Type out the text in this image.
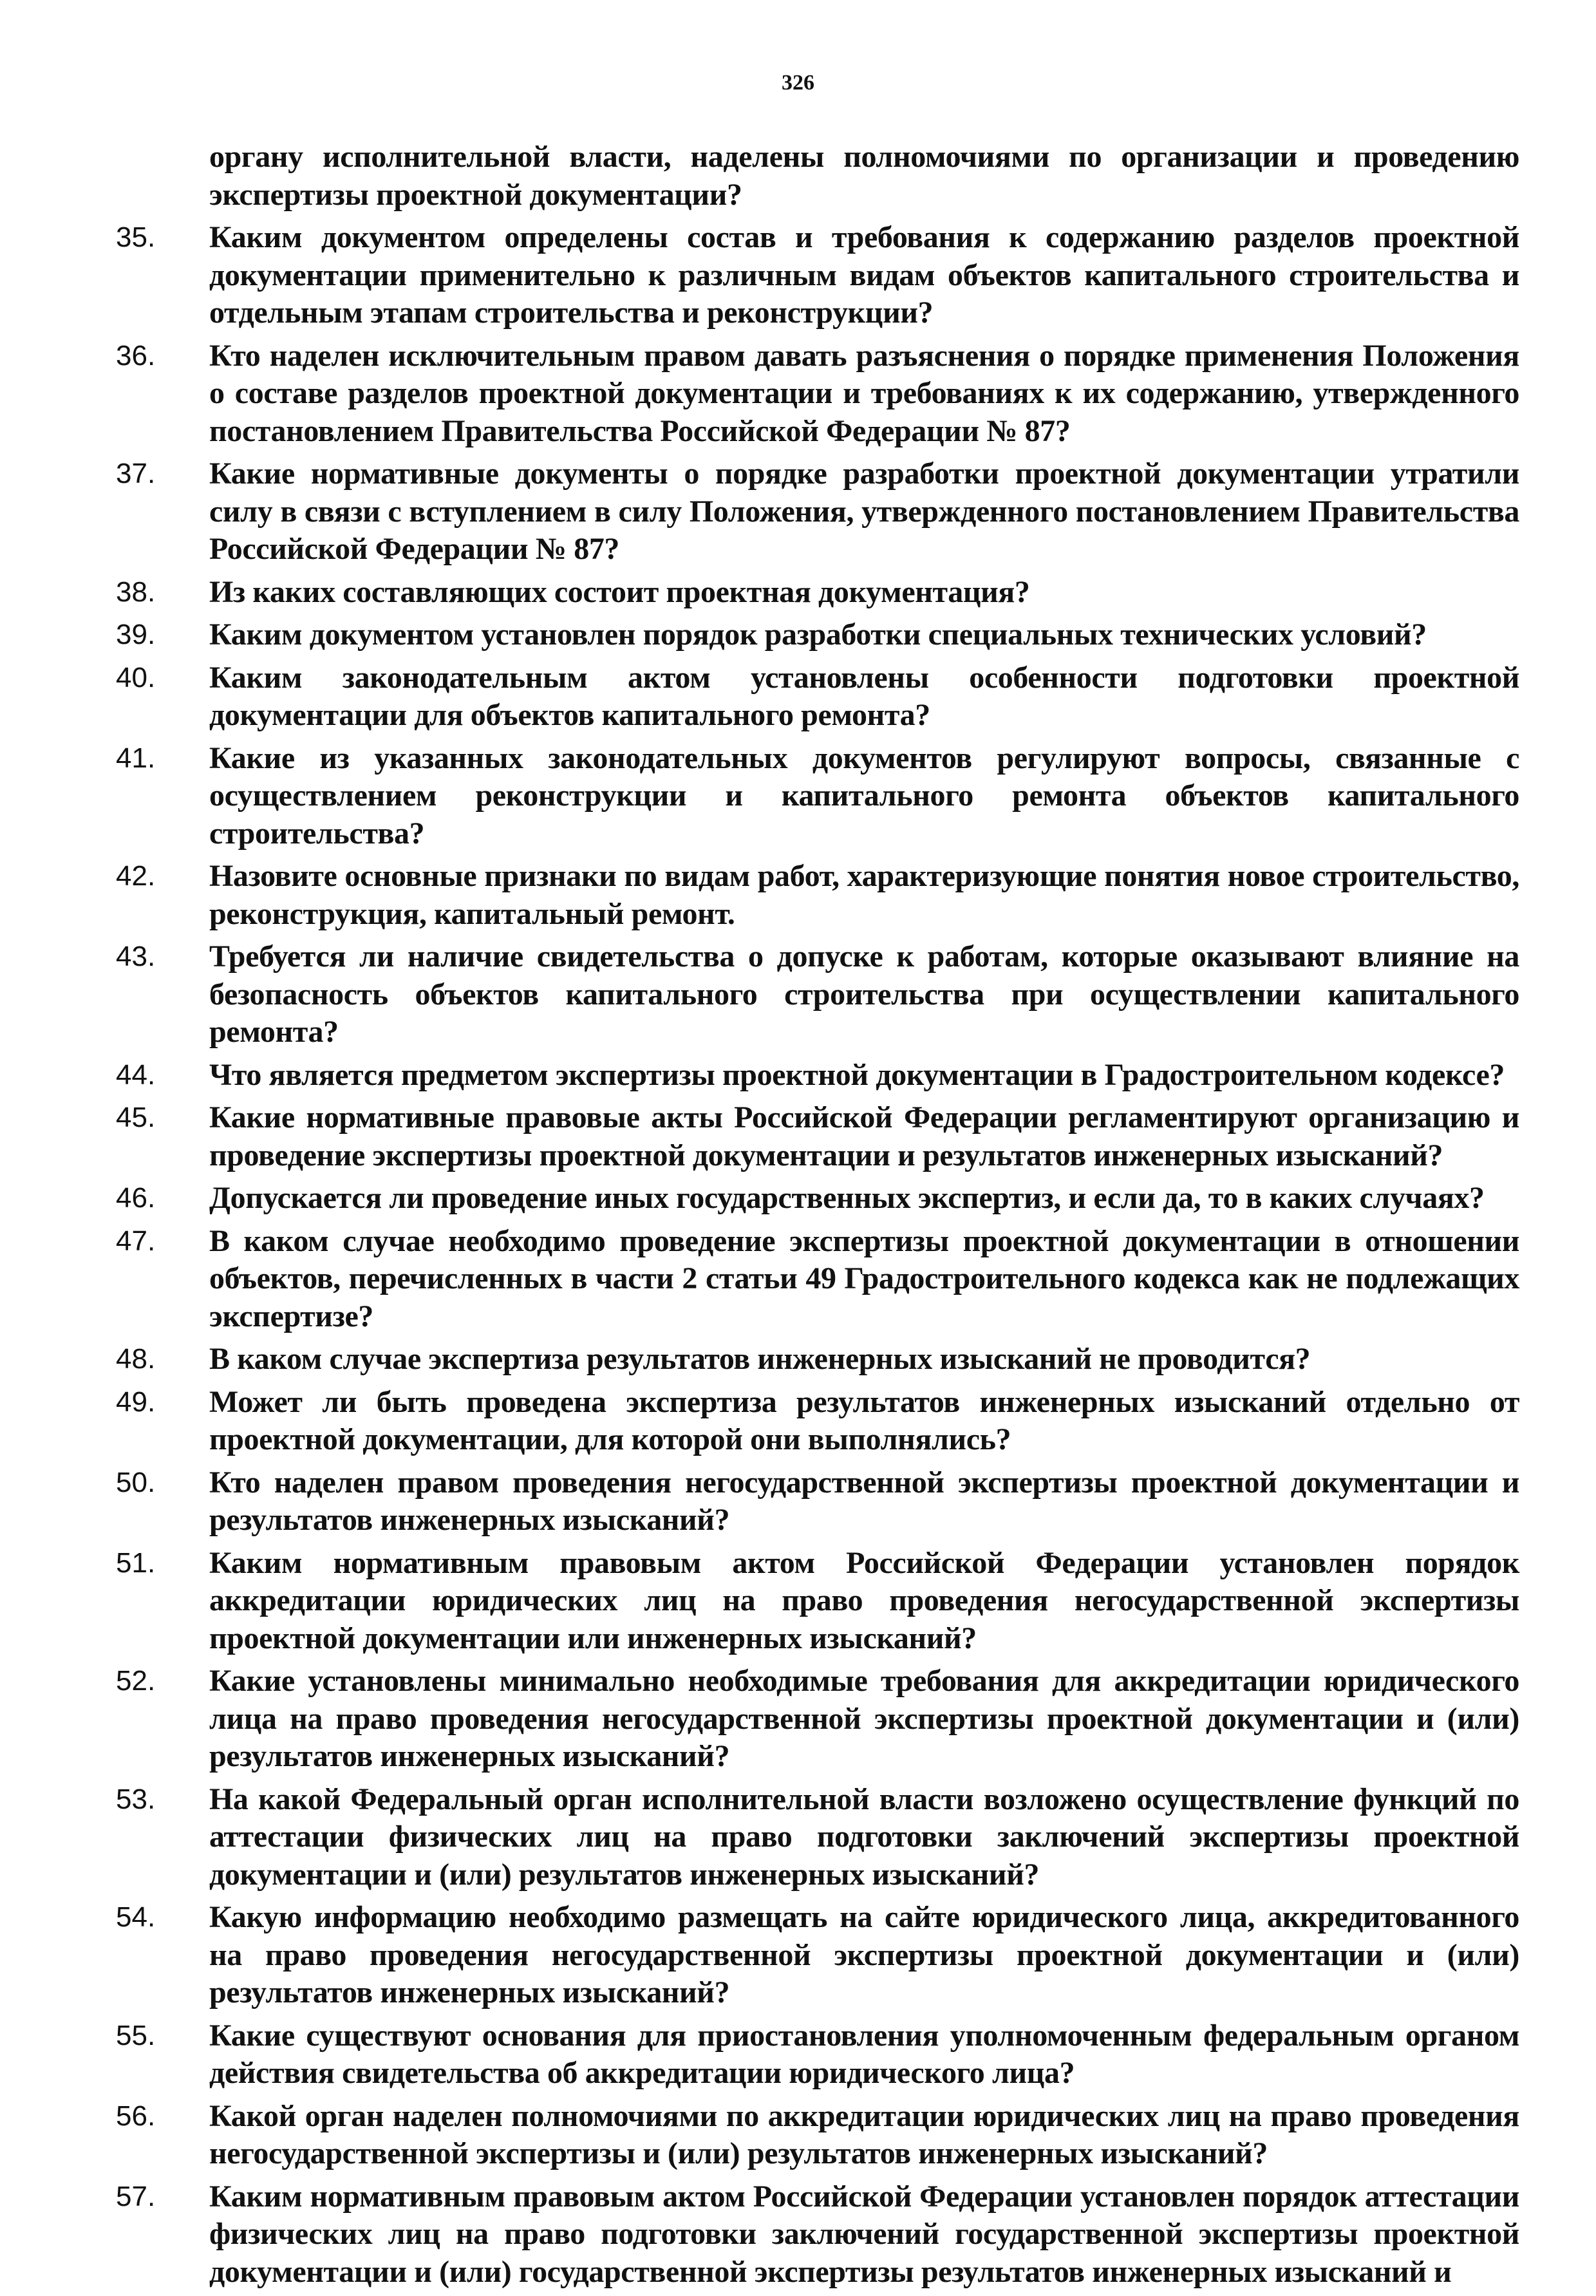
326
органу исполнительной власти, наделены полномочиями по организации и проведению экспертизы проектной документации?
35.	Каким документом определены состав и требования к содержанию разделов проектной документации применительно к различным видам объектов капитального строительства и отдельным этапам строительства и реконструкции?
36.	Кто наделен исключительным правом давать разъяснения о порядке применения Положения о составе разделов проектной документации и требованиях к их содержанию, утвержденного постановлением Правительства Российской Федерации № 87?
37.	Какие нормативные документы о порядке разработки проектной документации утратили силу в связи с вступлением в силу Положения, утвержденного постановлением Правительства Российской Федерации № 87?
38.	Из каких составляющих состоит проектная документация?
39.	Каким документом установлен порядок разработки специальных технических условий?
40.	Каким законодательным актом установлены особенности подготовки проектной документации для объектов капитального ремонта?
41.	Какие из указанных законодательных документов регулируют вопросы, связанные с осуществлением реконструкции и капитального ремонта объектов капитального строительства?
42.	Назовите основные признаки по видам работ, характеризующие понятия новое строительство, реконструкция, капитальный ремонт.
43.	Требуется ли наличие свидетельства о допуске к работам, которые оказывают влияние на безопасность объектов капитального строительства при осуществлении капитального ремонта?
44.	Что является предметом экспертизы проектной документации в Градостроительном кодексе?
45.	Какие нормативные правовые акты Российской Федерации регламентируют организацию и проведение экспертизы проектной документации и результатов инженерных изысканий?
46.	Допускается ли проведение иных государственных экспертиз, и если да, то в каких случаях?
47.	В каком случае необходимо проведение экспертизы проектной документации в отношении объектов, перечисленных в части 2 статьи 49 Градостроительного кодекса как не подлежащих экспертизе?
48.	В каком случае экспертиза результатов инженерных изысканий не проводится?
49.	Может ли быть проведена экспертиза результатов инженерных изысканий отдельно от проектной документации, для которой они выполнялись?
50.	Кто наделен правом проведения негосударственной экспертизы проектной документации и результатов инженерных изысканий?
51.	Каким нормативным правовым актом Российской Федерации установлен порядок аккредитации юридических лиц на право проведения негосударственной экспертизы проектной документации или инженерных изысканий?
52.	Какие установлены минимально необходимые требования для аккредитации юридического лица на право проведения негосударственной экспертизы проектной документации и (или) результатов инженерных изысканий?
53.	На какой Федеральный орган исполнительной власти возложено осуществление функций по аттестации физических лиц на право подготовки заключений экспертизы проектной документации и (или) результатов инженерных изысканий?
54.	Какую информацию необходимо размещать на сайте юридического лица, аккредитованного на право проведения негосударственной экспертизы проектной документации и (или) результатов инженерных изысканий?
55.	Какие существуют основания для приостановления уполномоченным федеральным органом действия свидетельства об аккредитации юридического лица?
56.	Какой орган наделен полномочиями по аккредитации юридических лиц на право проведения негосударственной экспертизы и (или) результатов инженерных изысканий?
57.	Каким нормативным правовым актом Российской Федерации установлен порядок аттестации физических лиц на право подготовки заключений государственной экспертизы проектной документации и (или) государственной экспертизы результатов инженерных изысканий и
